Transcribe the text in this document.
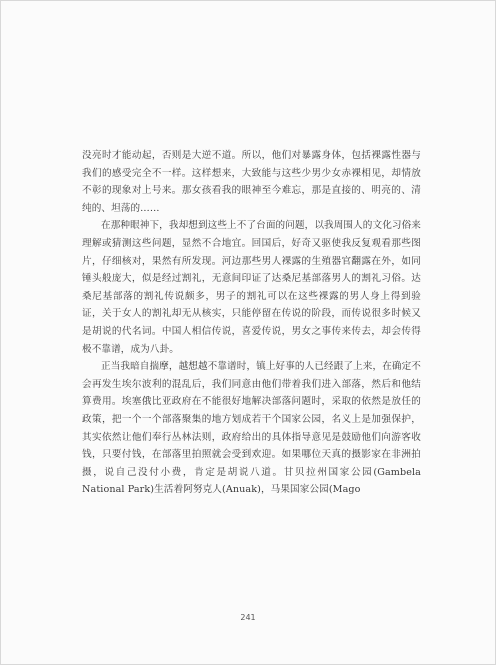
没亮时才能动起，否则是大逆不道。所以，他们对暴露身体，包括裸露性器与我们的感受完全不一样。这样想来，大致能与这些少男少女赤裸相见，却情放不彰的现象对上号来。那女孩看我的眼神至今难忘，那是直接的、明亮的、清纯的、坦荡的……

在那种眼神下，我却想到这些上不了台面的问题，以我周围人的文化习俗来理解或猜测这些问题，显然不合地宜。回国后，好奇又驱使我反复观看那些图片，仔细核对，果然有所发现。河边那些男人裸露的生殖器官翻露在外，如同锤头般庞大，似是经过割礼，无意间印证了达桑尼基部落男人的割礼习俗。达桑尼基部落的割礼传说颇多，男子的割礼可以在这些裸露的男人身上得到验证，关于女人的割礼却无从核实，只能停留在传说的阶段，而传说很多时候又是胡说的代名词。中国人相信传说，喜爱传说，男女之事传来传去，却会传得极不靠谱，成为八卦。

正当我暗自揣摩，越想越不靠谱时，镇上好事的人已经跟了上来，在确定不会再发生埃尔波利的混乱后，我们同意由他们带着我们进入部落，然后和他结算费用。埃塞俄比亚政府在不能很好地解决部落问题时，采取的依然是放任的政策，把一个一个部落聚集的地方划成若干个国家公园，名义上是加强保护，其实依然让他们奉行丛林法则，政府给出的具体指导意见是鼓励他们向游客收钱，只要付钱，在部落里拍照就会受到欢迎。如果哪位天真的摄影家在非洲拍摄，说自己没付小费，肯定是胡说八道。甘贝拉州国家公园(Gambela National Park)生活着阿努克人(Anuak)，马果国家公园(Mago

241
